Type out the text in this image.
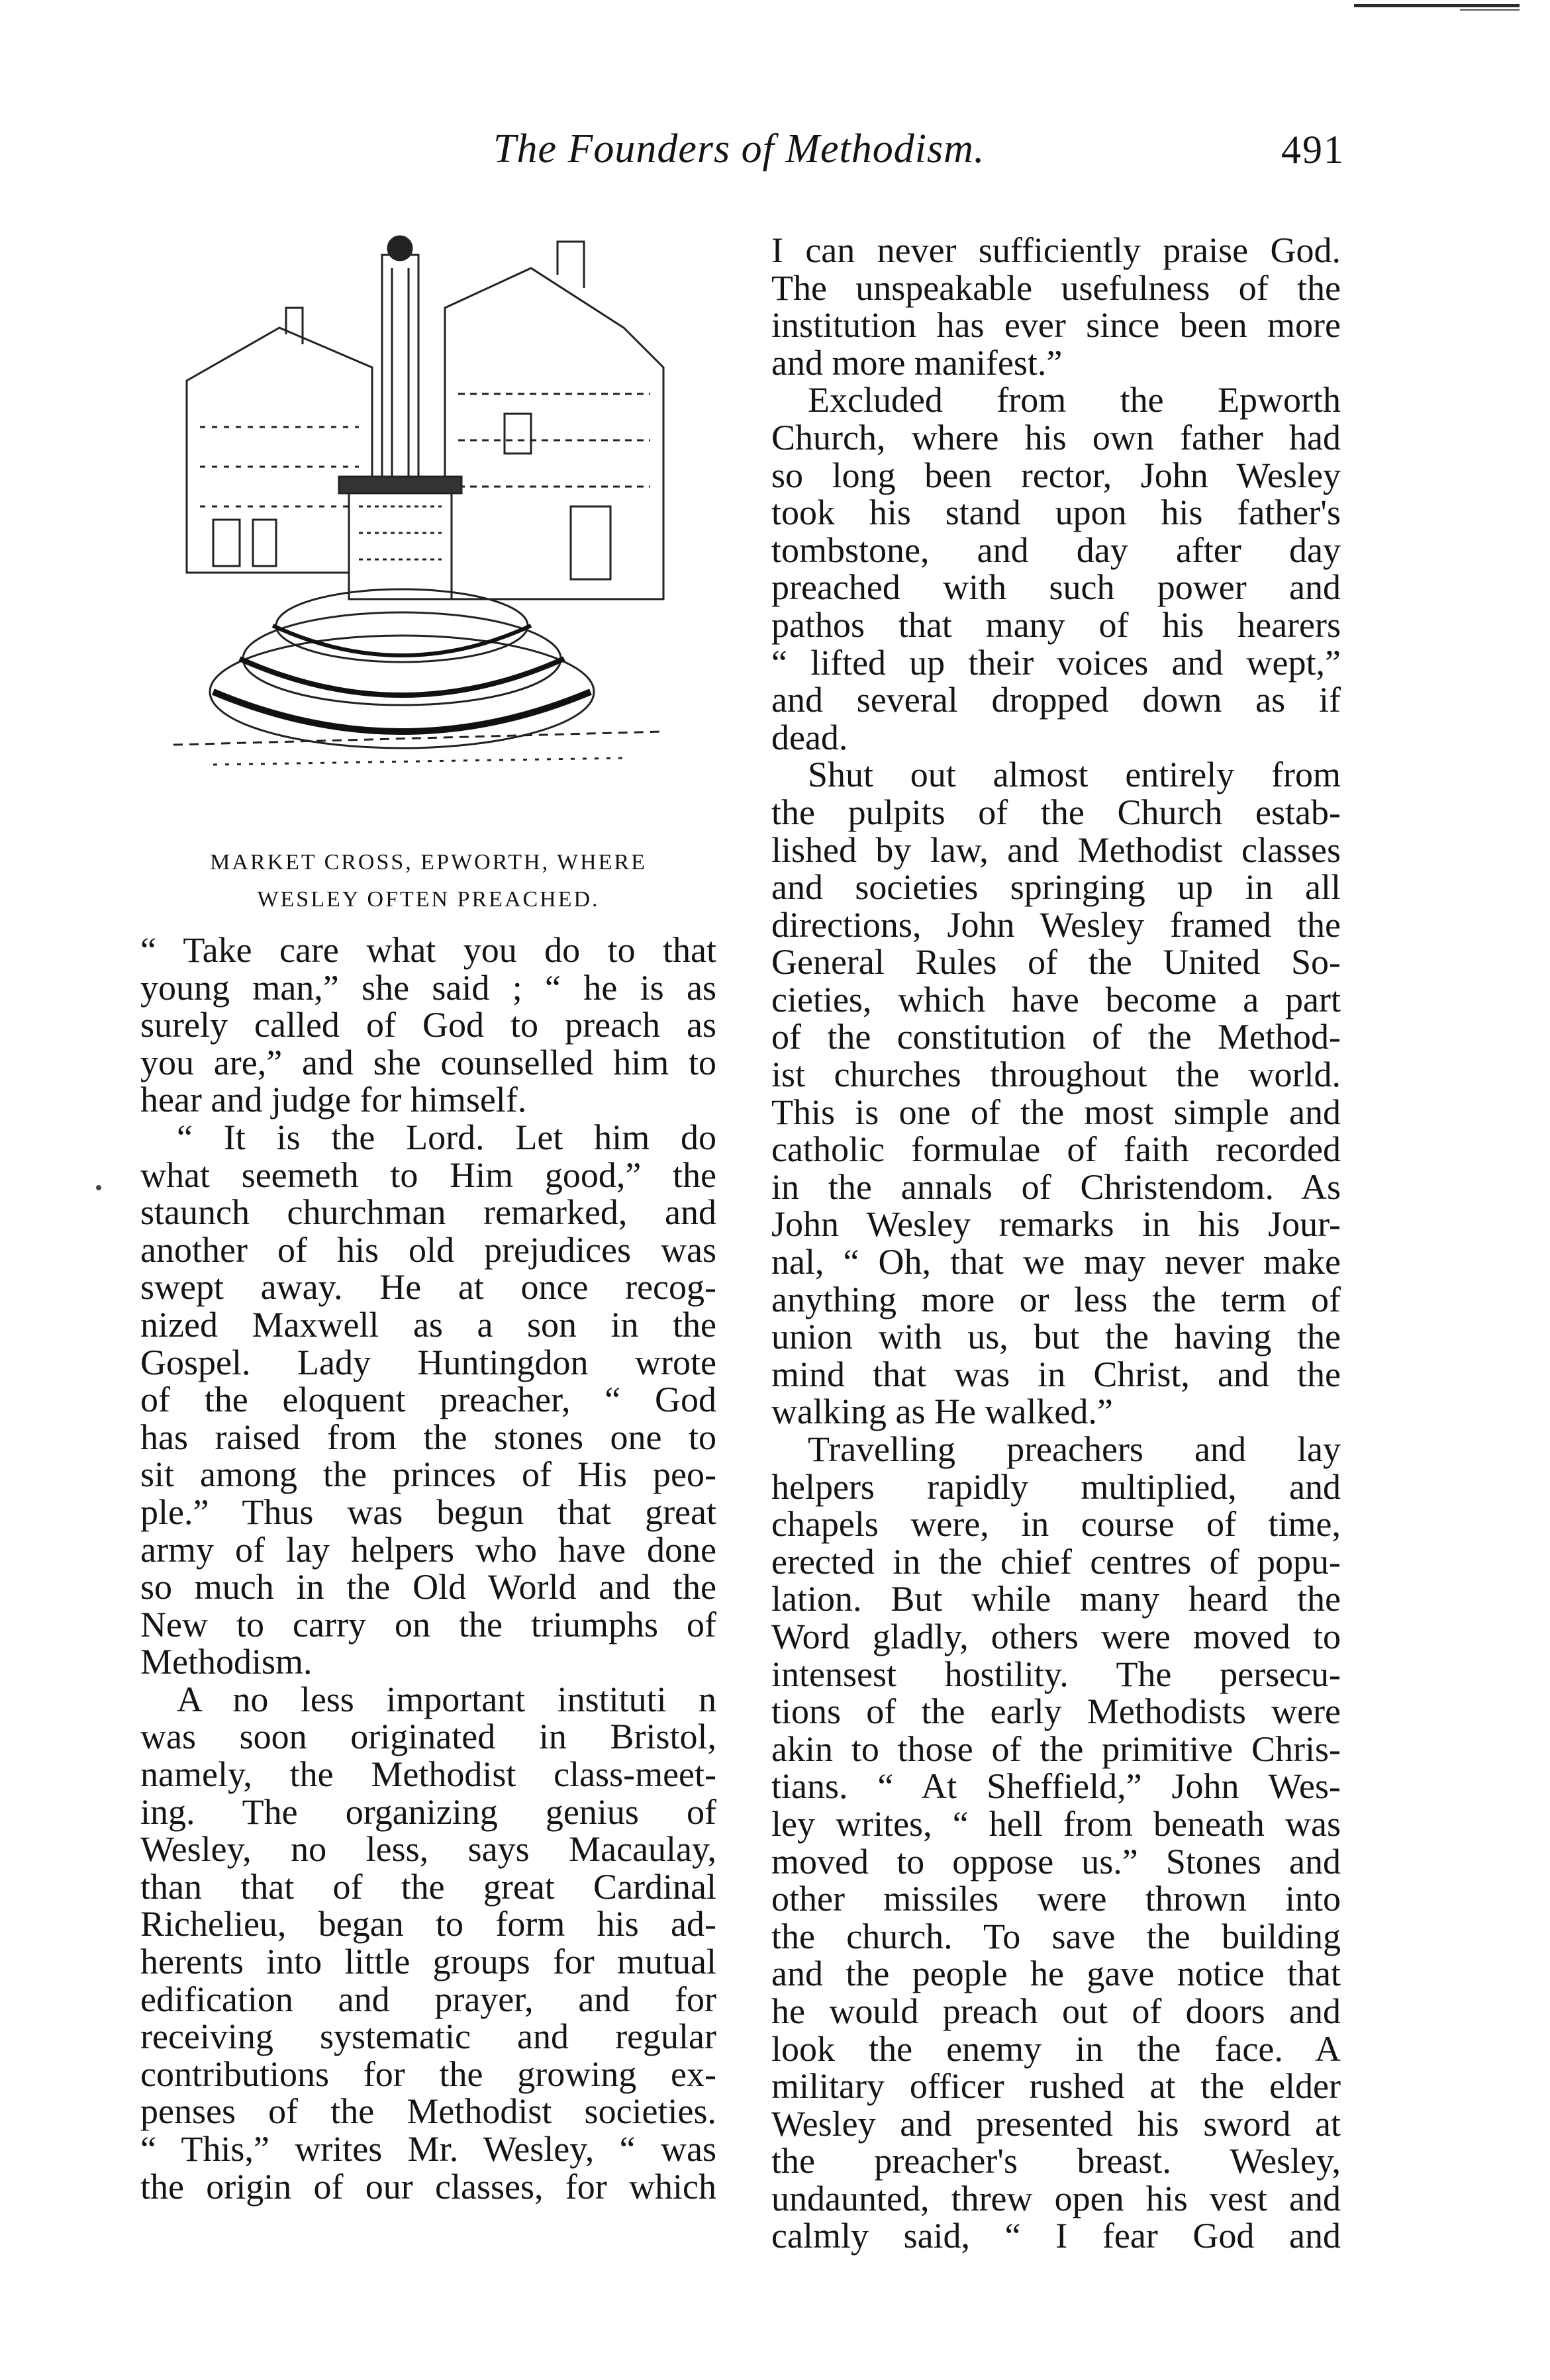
The Founders of Methodism.	491
MARKET CROSS, EPWORTH, WHERE
WESLEY OFTEN PREACHED.
“ Take care what you do to that
young man,” she said ; “ he is as
surely called of God to preach as
you are,” and she counselled him to
hear and judge for himself.
“ It is the Lord. Let him do
what seemeth to Him good,” the
staunch churchman remarked, and
another of his old prejudices was
swept away. He at once recog-
nized Maxwell as a son in the
Gospel. Lady Huntingdon wrote
of the eloquent preacher, “ God
has raised from the stones one to
sit among the princes of His peo-
ple.” Thus was begun that great
army of lay helpers who have done
so much in the Old World and the
New to carry on the triumphs of
Methodism.
A no less important instituti n
was soon originated in Bristol,
namely, the Methodist class-meet-
ing. The organizing genius of
Wesley, no less, says Macaulay,
than that of the great Cardinal
Richelieu, began to form his ad-
herents into little groups for mutual
edification and prayer, and for
receiving systematic and regular
contributions for the growing ex-
penses of the Methodist societies.
“ This,” writes Mr. Wesley, “ was
the origin of our classes, for which
I can never sufficiently praise God.
The unspeakable usefulness of the
institution has ever since been more
and more manifest.”
Excluded from the Epworth
Church, where his own father had
so long been rector, John Wesley
took his stand upon his father's
tombstone, and day after day
preached with such power and
pathos that many of his hearers
“ lifted up their voices and wept,”
and several dropped down as if
dead.
Shut out almost entirely from
the pulpits of the Church estab-
lished by law, and Methodist classes
and societies springing up in all
directions, John Wesley framed the
General Rules of the United So-
cieties, which have become a part
of the constitution of the Method-
ist churches throughout the world.
This is one of the most simple and
catholic formulae of faith recorded
in the annals of Christendom. As
John Wesley remarks in his Jour-
nal, “ Oh, that we may never make
anything more or less the term of
union with us, but the having the
mind that was in Christ, and the
walking as He walked.”
Travelling preachers and lay
helpers rapidly multiplied, and
chapels were, in course of time,
erected in the chief centres of popu-
lation. But while many heard the
Word gladly, others were moved to
intensest hostility. The persecu-
tions of the early Methodists were
akin to those of the primitive Chris-
tians. “ At Sheffield,” John Wes-
ley writes, “ hell from beneath was
moved to oppose us.” Stones and
other missiles were thrown into
the church. To save the building
and the people he gave notice that
he would preach out of doors and
look the enemy in the face. A
military officer rushed at the elder
Wesley and presented his sword at
the preacher's breast. Wesley,
undaunted, threw open his vest and
calmly said, “ I fear God and
